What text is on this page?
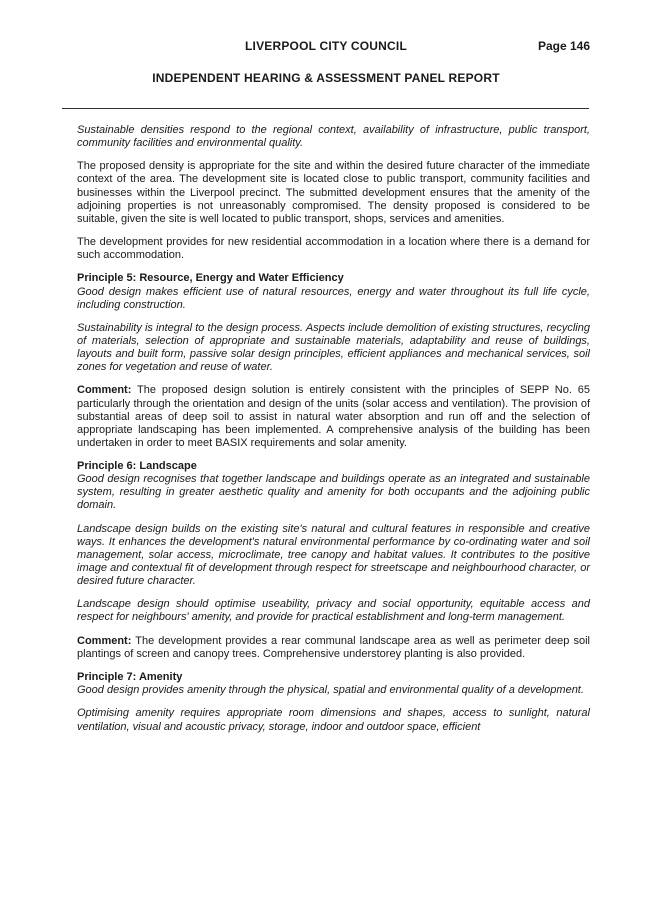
LIVERPOOL CITY COUNCIL	Page 146
INDEPENDENT HEARING & ASSESSMENT PANEL REPORT

Sustainable densities respond to the regional context, availability of infrastructure, public transport, community facilities and environmental quality.

The proposed density is appropriate for the site and within the desired future character of the immediate context of the area. The development site is located close to public transport, community facilities and businesses within the Liverpool precinct. The submitted development ensures that the amenity of the adjoining properties is not unreasonably compromised. The density proposed is considered to be suitable, given the site is well located to public transport, shops, services and amenities.

The development provides for new residential accommodation in a location where there is a demand for such accommodation.

Principle 5: Resource, Energy and Water Efficiency

Good design makes efficient use of natural resources, energy and water throughout its full life cycle, including construction.

Sustainability is integral to the design process. Aspects include demolition of existing structures, recycling of materials, selection of appropriate and sustainable materials, adaptability and reuse of buildings, layouts and built form, passive solar design principles, efficient appliances and mechanical services, soil zones for vegetation and reuse of water.

Comment: The proposed design solution is entirely consistent with the principles of SEPP No. 65 particularly through the orientation and design of the units (solar access and ventilation). The provision of substantial areas of deep soil to assist in natural water absorption and run off and the selection of appropriate landscaping has been implemented. A comprehensive analysis of the building has been undertaken in order to meet BASIX requirements and solar amenity.

Principle 6: Landscape

Good design recognises that together landscape and buildings operate as an integrated and sustainable system, resulting in greater aesthetic quality and amenity for both occupants and the adjoining public domain.

Landscape design builds on the existing site's natural and cultural features in responsible and creative ways. It enhances the development's natural environmental performance by co-ordinating water and soil management, solar access, microclimate, tree canopy and habitat values. It contributes to the positive image and contextual fit of development through respect for streetscape and neighbourhood character, or desired future character.

Landscape design should optimise useability, privacy and social opportunity, equitable access and respect for neighbours' amenity, and provide for practical establishment and long-term management.

Comment: The development provides a rear communal landscape area as well as perimeter deep soil plantings of screen and canopy trees. Comprehensive understorey planting is also provided.

Principle 7: Amenity

Good design provides amenity through the physical, spatial and environmental quality of a development.

Optimising amenity requires appropriate room dimensions and shapes, access to sunlight, natural ventilation, visual and acoustic privacy, storage, indoor and outdoor space, efficient
